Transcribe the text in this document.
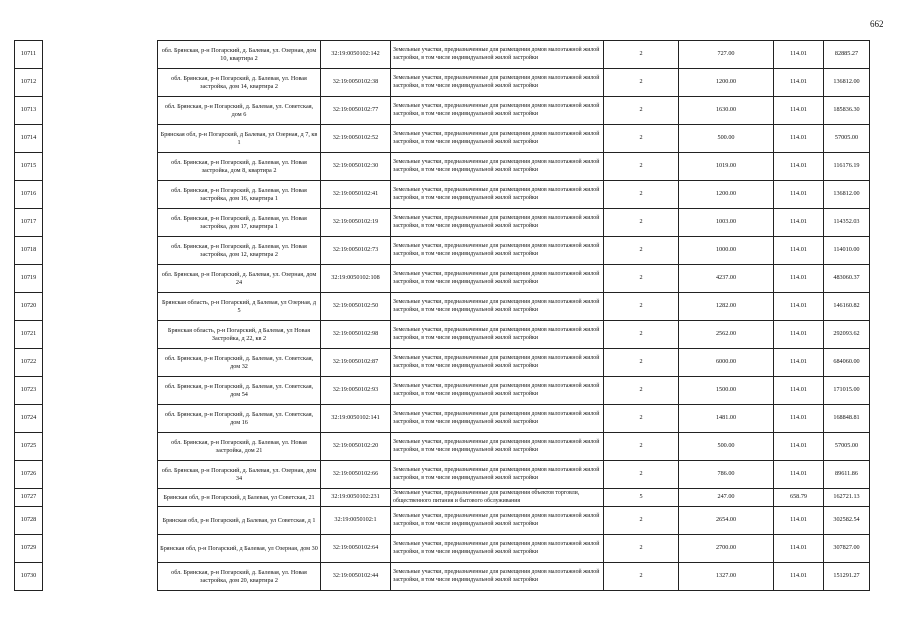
662
10711		обл. Брянская, р-н Погарский, д. Балевая, ул. Озерная, дом 10, квартира 2	32:19:0050102:142	Земельные участки, предназначенные для размещения домов малоэтажной жилой застройки, в том числе индивидуальной жилой застройки	2	727.00	114.01	82885.27
10712		обл. Брянская, р-н Погарский, д. Балевая, ул. Новая застройка, дом 14, квартира 2	32:19:0050102:38	Земельные участки, предназначенные для размещения домов малоэтажной жилой застройки, в том числе индивидуальной жилой застройки	2	1200.00	114.01	136812.00
10713		обл. Брянская, р-н Погарский, д. Балевая, ул. Советская, дом 6	32:19:0050102:77	Земельные участки, предназначенные для размещения домов малоэтажной жилой застройки, в том числе индивидуальной жилой застройки	2	1630.00	114.01	185836.30
10714		Брянская обл, р-н Погарский, д Балевая, ул Озерная, д 7, кв 1	32:19:0050102:52	Земельные участки, предназначенные для размещения домов малоэтажной жилой застройки, в том числе индивидуальной жилой застройки	2	500.00	114.01	57005.00
10715		обл. Брянская, р-н Погарский, д. Балевая, ул. Новая застройка, дом 8, квартира 2	32:19:0050102:30	Земельные участки, предназначенные для размещения домов малоэтажной жилой застройки, в том числе индивидуальной жилой застройки	2	1019.00	114.01	116176.19
10716		обл. Брянская, р-н Погарский, д. Балевая, ул. Новая застройка, дом 16, квартира 1	32:19:0050102:41	Земельные участки, предназначенные для размещения домов малоэтажной жилой застройки, в том числе индивидуальной жилой застройки	2	1200.00	114.01	136812.00
10717		обл. Брянская, р-н Погарский, д. Балевая, ул. Новая застройка, дом 17, квартира 1	32:19:0050102:19	Земельные участки, предназначенные для размещения домов малоэтажной жилой застройки, в том числе индивидуальной жилой застройки	2	1003.00	114.01	114352.03
10718		обл. Брянская, р-н Погарский, д. Балевая, ул. Новая застройка, дом 12, квартира 2	32:19:0050102:73	Земельные участки, предназначенные для размещения домов малоэтажной жилой застройки, в том числе индивидуальной жилой застройки	2	1000.00	114.01	114010.00
10719		обл. Брянская, р-н Погарский, д. Балевая, ул. Озерная, дом 24	32:19:0050102:108	Земельные участки, предназначенные для размещения домов малоэтажной жилой застройки, в том числе индивидуальной жилой застройки	2	4237.00	114.01	483060.37
10720		Брянская область, р-н Погарский, д Балевая, ул Озерная, д 5	32:19:0050102:50	Земельные участки, предназначенные для размещения домов малоэтажной жилой застройки, в том числе индивидуальной жилой застройки	2	1282.00	114.01	146160.82
10721		Брянская область, р-н Погарский, д Балевая, ул Новая Застройка, д 22, кв 2	32:19:0050102:98	Земельные участки, предназначенные для размещения домов малоэтажной жилой застройки, в том числе индивидуальной жилой застройки	2	2562.00	114.01	292093.62
10722		обл. Брянская, р-н Погарский, д. Балевая, ул. Советская, дом 32	32:19:0050102:87	Земельные участки, предназначенные для размещения домов малоэтажной жилой застройки, в том числе индивидуальной жилой застройки	2	6000.00	114.01	684060.00
10723		обл. Брянская, р-н Погарский, д. Балевая, ул. Советская, дом 54	32:19:0050102:93	Земельные участки, предназначенные для размещения домов малоэтажной жилой застройки, в том числе индивидуальной жилой застройки	2	1500.00	114.01	171015.00
10724		обл. Брянская, р-н Погарский, д. Балевая, ул. Советская, дом 16	32:19:0050102:141	Земельные участки, предназначенные для размещения домов малоэтажной жилой застройки, в том числе индивидуальной жилой застройки	2	1481.00	114.01	168848.81
10725		обл. Брянская, р-н Погарский, д. Балевая, ул. Новая застройка, дом 21	32:19:0050102:20	Земельные участки, предназначенные для размещения домов малоэтажной жилой застройки, в том числе индивидуальной жилой застройки	2	500.00	114.01	57005.00
10726		обл. Брянская, р-н Погарский, д. Балевая, ул. Озерная, дом 34	32:19:0050102:66	Земельные участки, предназначенные для размещения домов малоэтажной жилой застройки, в том числе индивидуальной жилой застройки	2	786.00	114.01	89611.86
10727		Брянская обл, р-н Погарский, д Балевая, ул Советская, 21	32:19:0050102:231	Земельные участки, предназначенные для размещения объектов торговли, общественного питания и бытового обслуживания	5	247.00	658.79	162721.13
10728		Брянская обл, р-н Погарский, д Балевая, ул Советская, д 1	32:19:0050102:1	Земельные участки, предназначенные для размещения домов малоэтажной жилой застройки, в том числе индивидуальной жилой застройки	2	2654.00	114.01	302582.54
10729		Брянская обл, р-н Погарский, д Балевая, ул Озерная, дом 30	32:19:0050102:64	Земельные участки, предназначенные для размещения домов малоэтажной жилой застройки, в том числе индивидуальной жилой застройки	2	2700.00	114.01	307827.00
10730		обл. Брянская, р-н Погарский, д. Балевая, ул. Новая застройка, дом 20, квартира 2	32:19:0050102:44	Земельные участки, предназначенные для размещения домов малоэтажной жилой застройки, в том числе индивидуальной жилой застройки	2	1327.00	114.01	151291.27
